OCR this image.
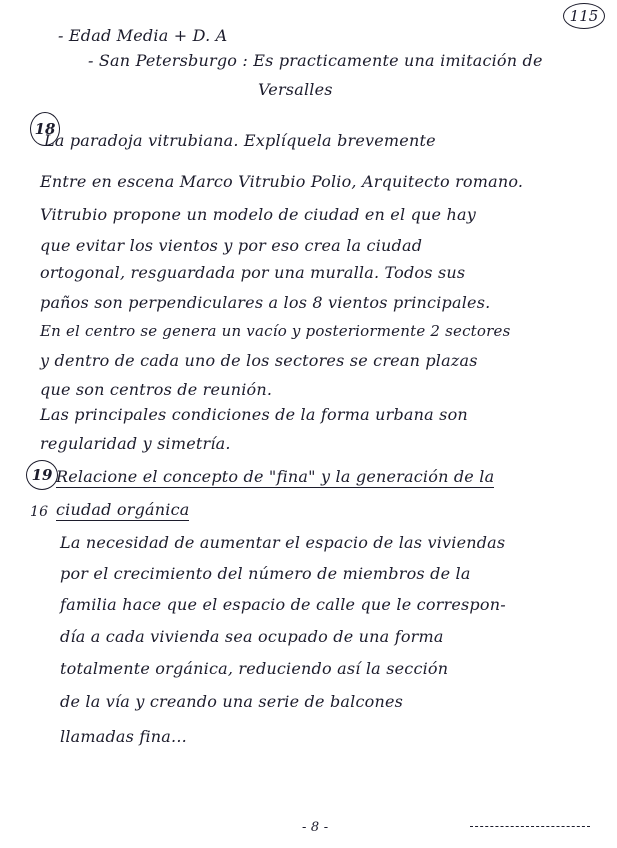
115
- Edad Media + D. A
- San Petersburgo : Es practicamente una imitación de
Versalles
18
La paradoja vitrubiana. Explíquela brevemente
Entre en escena Marco Vitrubio Polio, Arquitecto romano.
Vitrubio propone un modelo de ciudad en el que hay
que evitar los vientos y por eso crea la ciudad
ortogonal, resguardada por una muralla. Todos sus
paños son perpendiculares a los 8 vientos principales.
En el centro se genera un vacío y posteriormente 2 sectores
y dentro de cada uno de los sectores se crean plazas
que son centros de reunión.
Las principales condiciones de la forma urbana son
regularidad y simetría.
19
16
Relacione el concepto de "fina" y la generación de la
ciudad orgánica
La necesidad de aumentar el espacio de las viviendas
por el crecimiento del número de miembros de la
familia hace que el espacio de calle que le correspon-
día a cada vivienda sea ocupado de una forma
totalmente orgánica, reduciendo así la sección
de la vía y creando una serie de balcones
llamadas fina...
- 8 -
